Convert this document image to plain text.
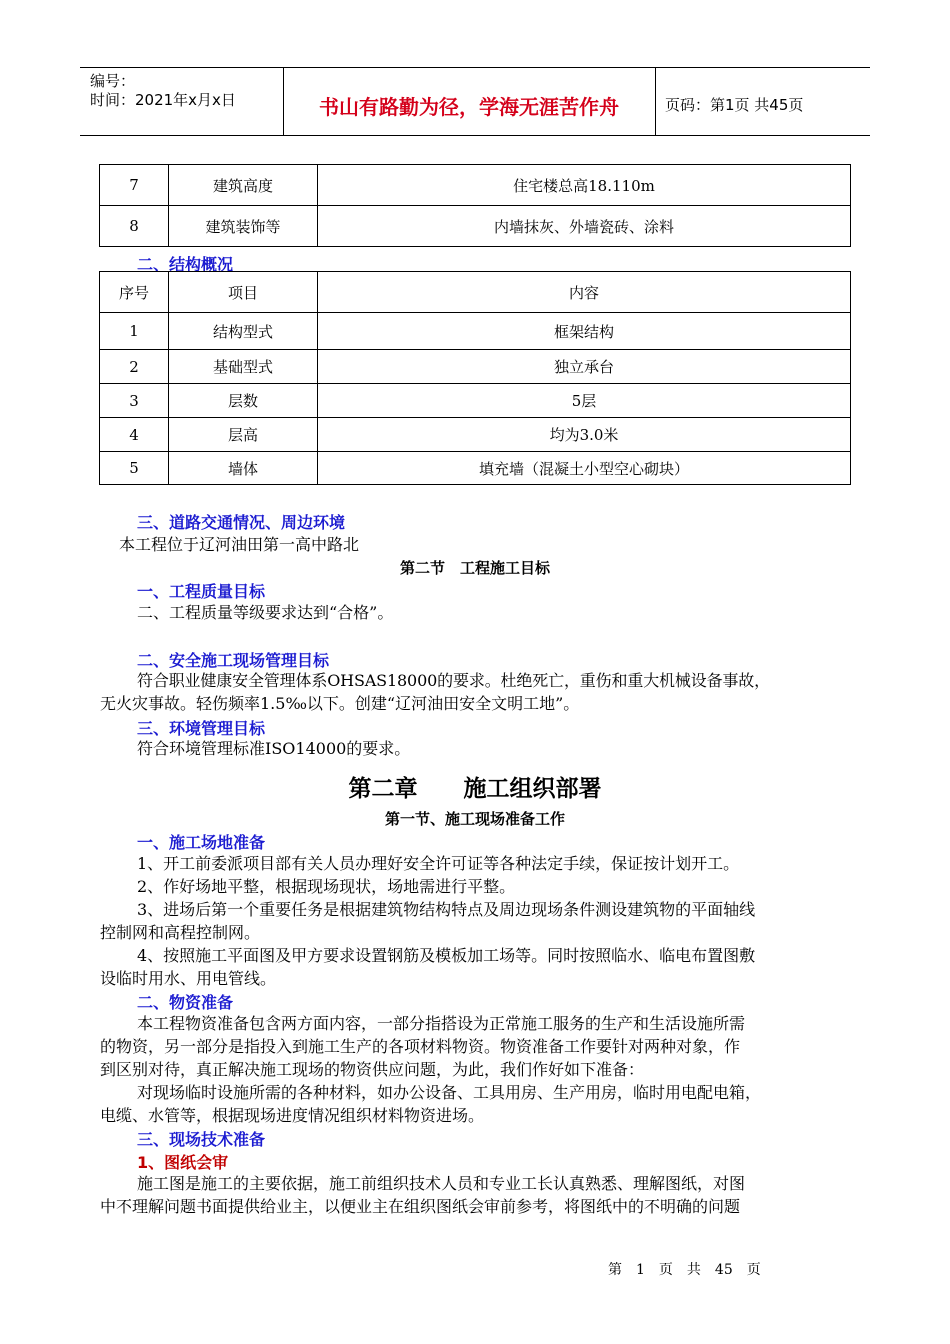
编号：
时间：2021年x月x日	书山有路勤为径，学海无涯苦作舟	页码：第1页 共45页
7	建筑高度	住宅楼总高18.110m
8	建筑装饰等	内墙抹灰、外墙瓷砖、涂料
二、结构概况
序号	项目	内容
1	结构型式	框架结构
2	基础型式	独立承台
3	层数	5层
4	层高	均为3.0米
5	墙体	填充墙（混凝土小型空心砌块）
三、道路交通情况、周边环境
本工程位于辽河油田第一高中路北
第二节　工程施工目标
一、工程质量目标
二、工程质量等级要求达到“合格”。
二、安全施工现场管理目标
符合职业健康安全管理体系OHSAS18000的要求。杜绝死亡，重伤和重大机械设备事故，
无火灾事故。轻伤频率1.5‰以下。创建“辽河油田安全文明工地”。
三、环境管理目标
符合环境管理标准ISO14000的要求。
第二章　　施工组织部署
第一节、施工现场准备工作
一、施工场地准备
1、开工前委派项目部有关人员办理好安全许可证等各种法定手续，保证按计划开工。
2、作好场地平整，根据现场现状，场地需进行平整。
3、进场后第一个重要任务是根据建筑物结构特点及周边现场条件测设建筑物的平面轴线
控制网和高程控制网。
4、按照施工平面图及甲方要求设置钢筋及模板加工场等。同时按照临水、临电布置图敷
设临时用水、用电管线。
二、物资准备
本工程物资准备包含两方面内容，一部分指搭设为正常施工服务的生产和生活设施所需
的物资，另一部分是指投入到施工生产的各项材料物资。物资准备工作要针对两种对象，作
到区别对待，真正解决施工现场的物资供应问题，为此，我们作好如下准备：
对现场临时设施所需的各种材料，如办公设备、工具用房、生产用房，临时用电配电箱，
电缆、水管等，根据现场进度情况组织材料物资进场。
三、现场技术准备
1、图纸会审
施工图是施工的主要依据，施工前组织技术人员和专业工长认真熟悉、理解图纸，对图
中不理解问题书面提供给业主，以便业主在组织图纸会审前参考，将图纸中的不明确的问题
第　1　页　共　45　页
